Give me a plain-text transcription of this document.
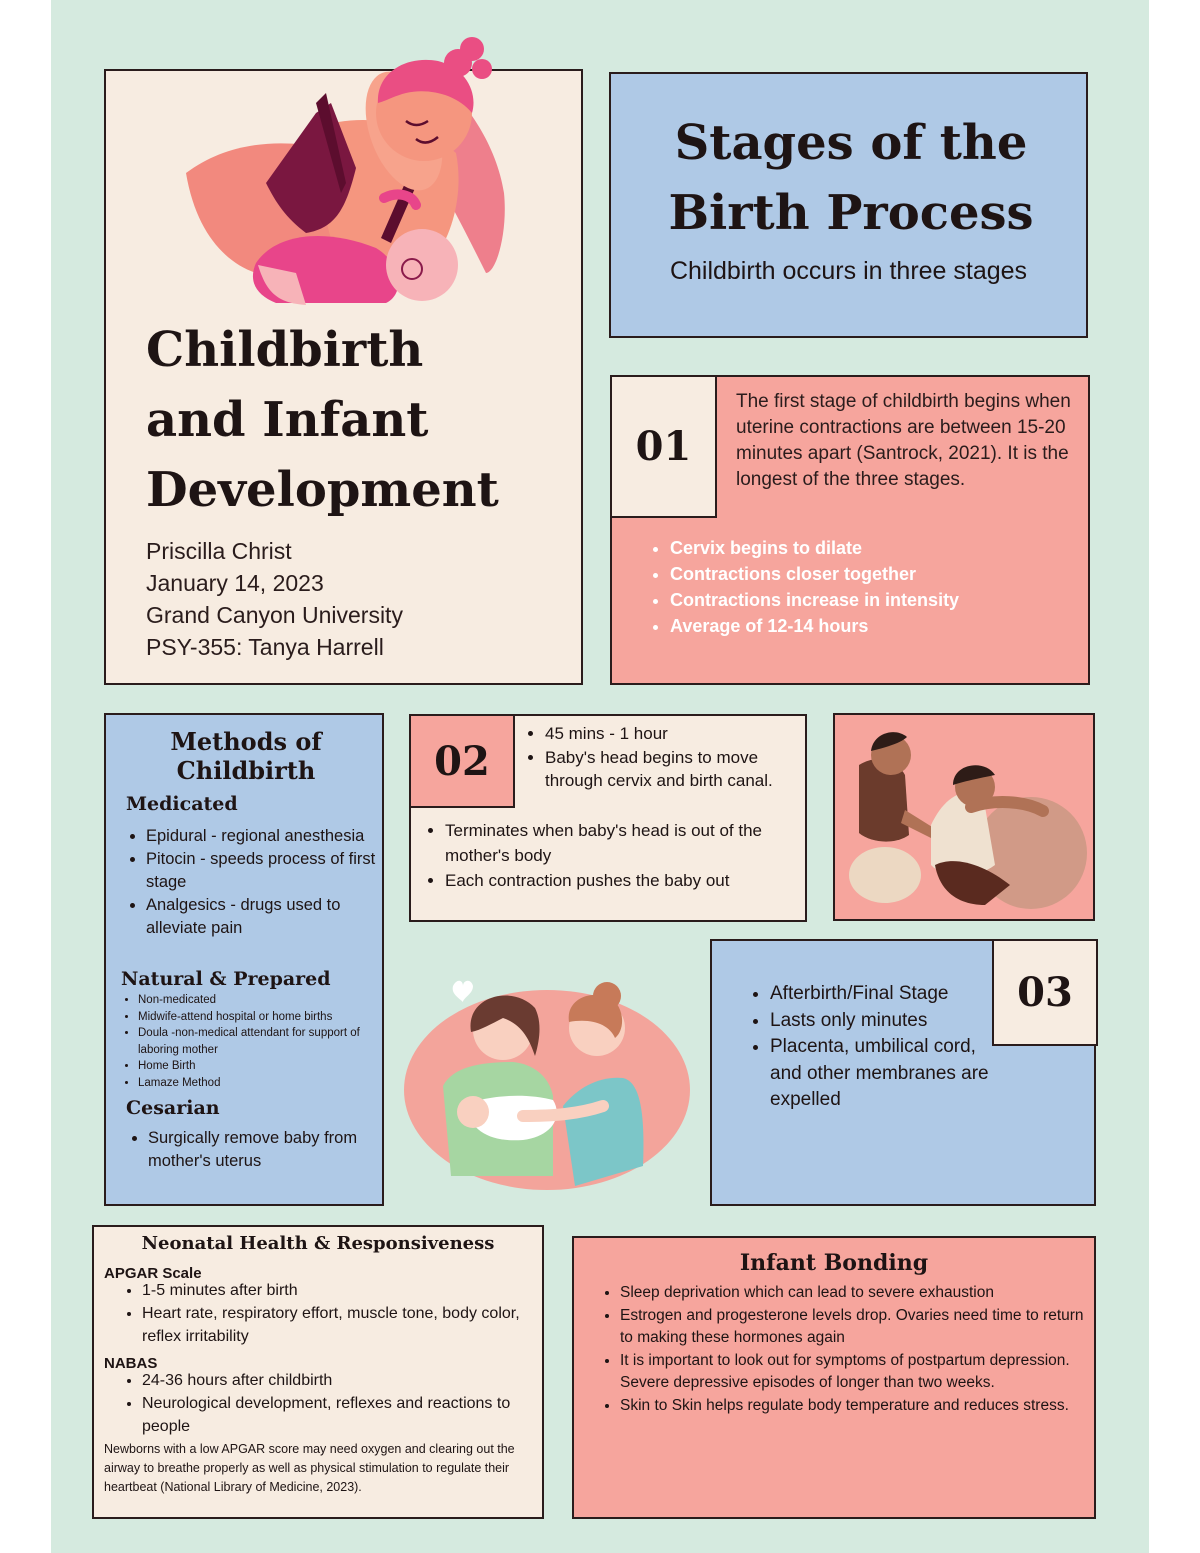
Childbirth and Infant Development
Priscilla Christ
January 14, 2023
Grand Canyon University
PSY-355: Tanya Harrell
Stages of the Birth Process
Childbirth occurs in three stages
01
The first stage of childbirth begins when uterine contractions are between 15-20 minutes apart (Santrock, 2021). It is the longest of the three stages.
• Cervix begins to dilate
• Contractions closer together
• Contractions increase in intensity
• Average of 12-14 hours
Methods of Childbirth
Medicated
• Epidural - regional anesthesia
• Pitocin - speeds process of first stage
• Analgesics - drugs used to alleviate pain
Natural & Prepared
• Non-medicated
• Midwife-attend hospital or home births
• Doula -non-medical attendant for support of laboring mother
• Home Birth
• Lamaze Method
Cesarian
• Surgically remove baby from mother's uterus
02
• 45 mins - 1 hour
• Baby's head begins to move through cervix and birth canal.
• Terminates when baby's head is out of the mother's body
• Each contraction pushes the baby out
03
• Afterbirth/Final Stage
• Lasts only minutes
• Placenta, umbilical cord, and other membranes are expelled
Neonatal Health & Responsiveness
APGAR Scale
• 1-5 minutes after birth
• Heart rate, respiratory effort, muscle tone, body color, reflex irritability
NABAS
• 24-36 hours after childbirth
• Neurological development, reflexes and reactions to people
Newborns with a low APGAR score may need oxygen and clearing out the airway to breathe properly as well as physical stimulation to regulate their heartbeat (National Library of Medicine, 2023).
Infant Bonding
• Sleep deprivation which can lead to severe exhaustion
• Estrogen and progesterone levels drop. Ovaries need time to return to making these hormones again
• It is important to look out for symptoms of postpartum depression. Severe depressive episodes of longer than two weeks.
• Skin to Skin helps regulate body temperature and reduces stress.
